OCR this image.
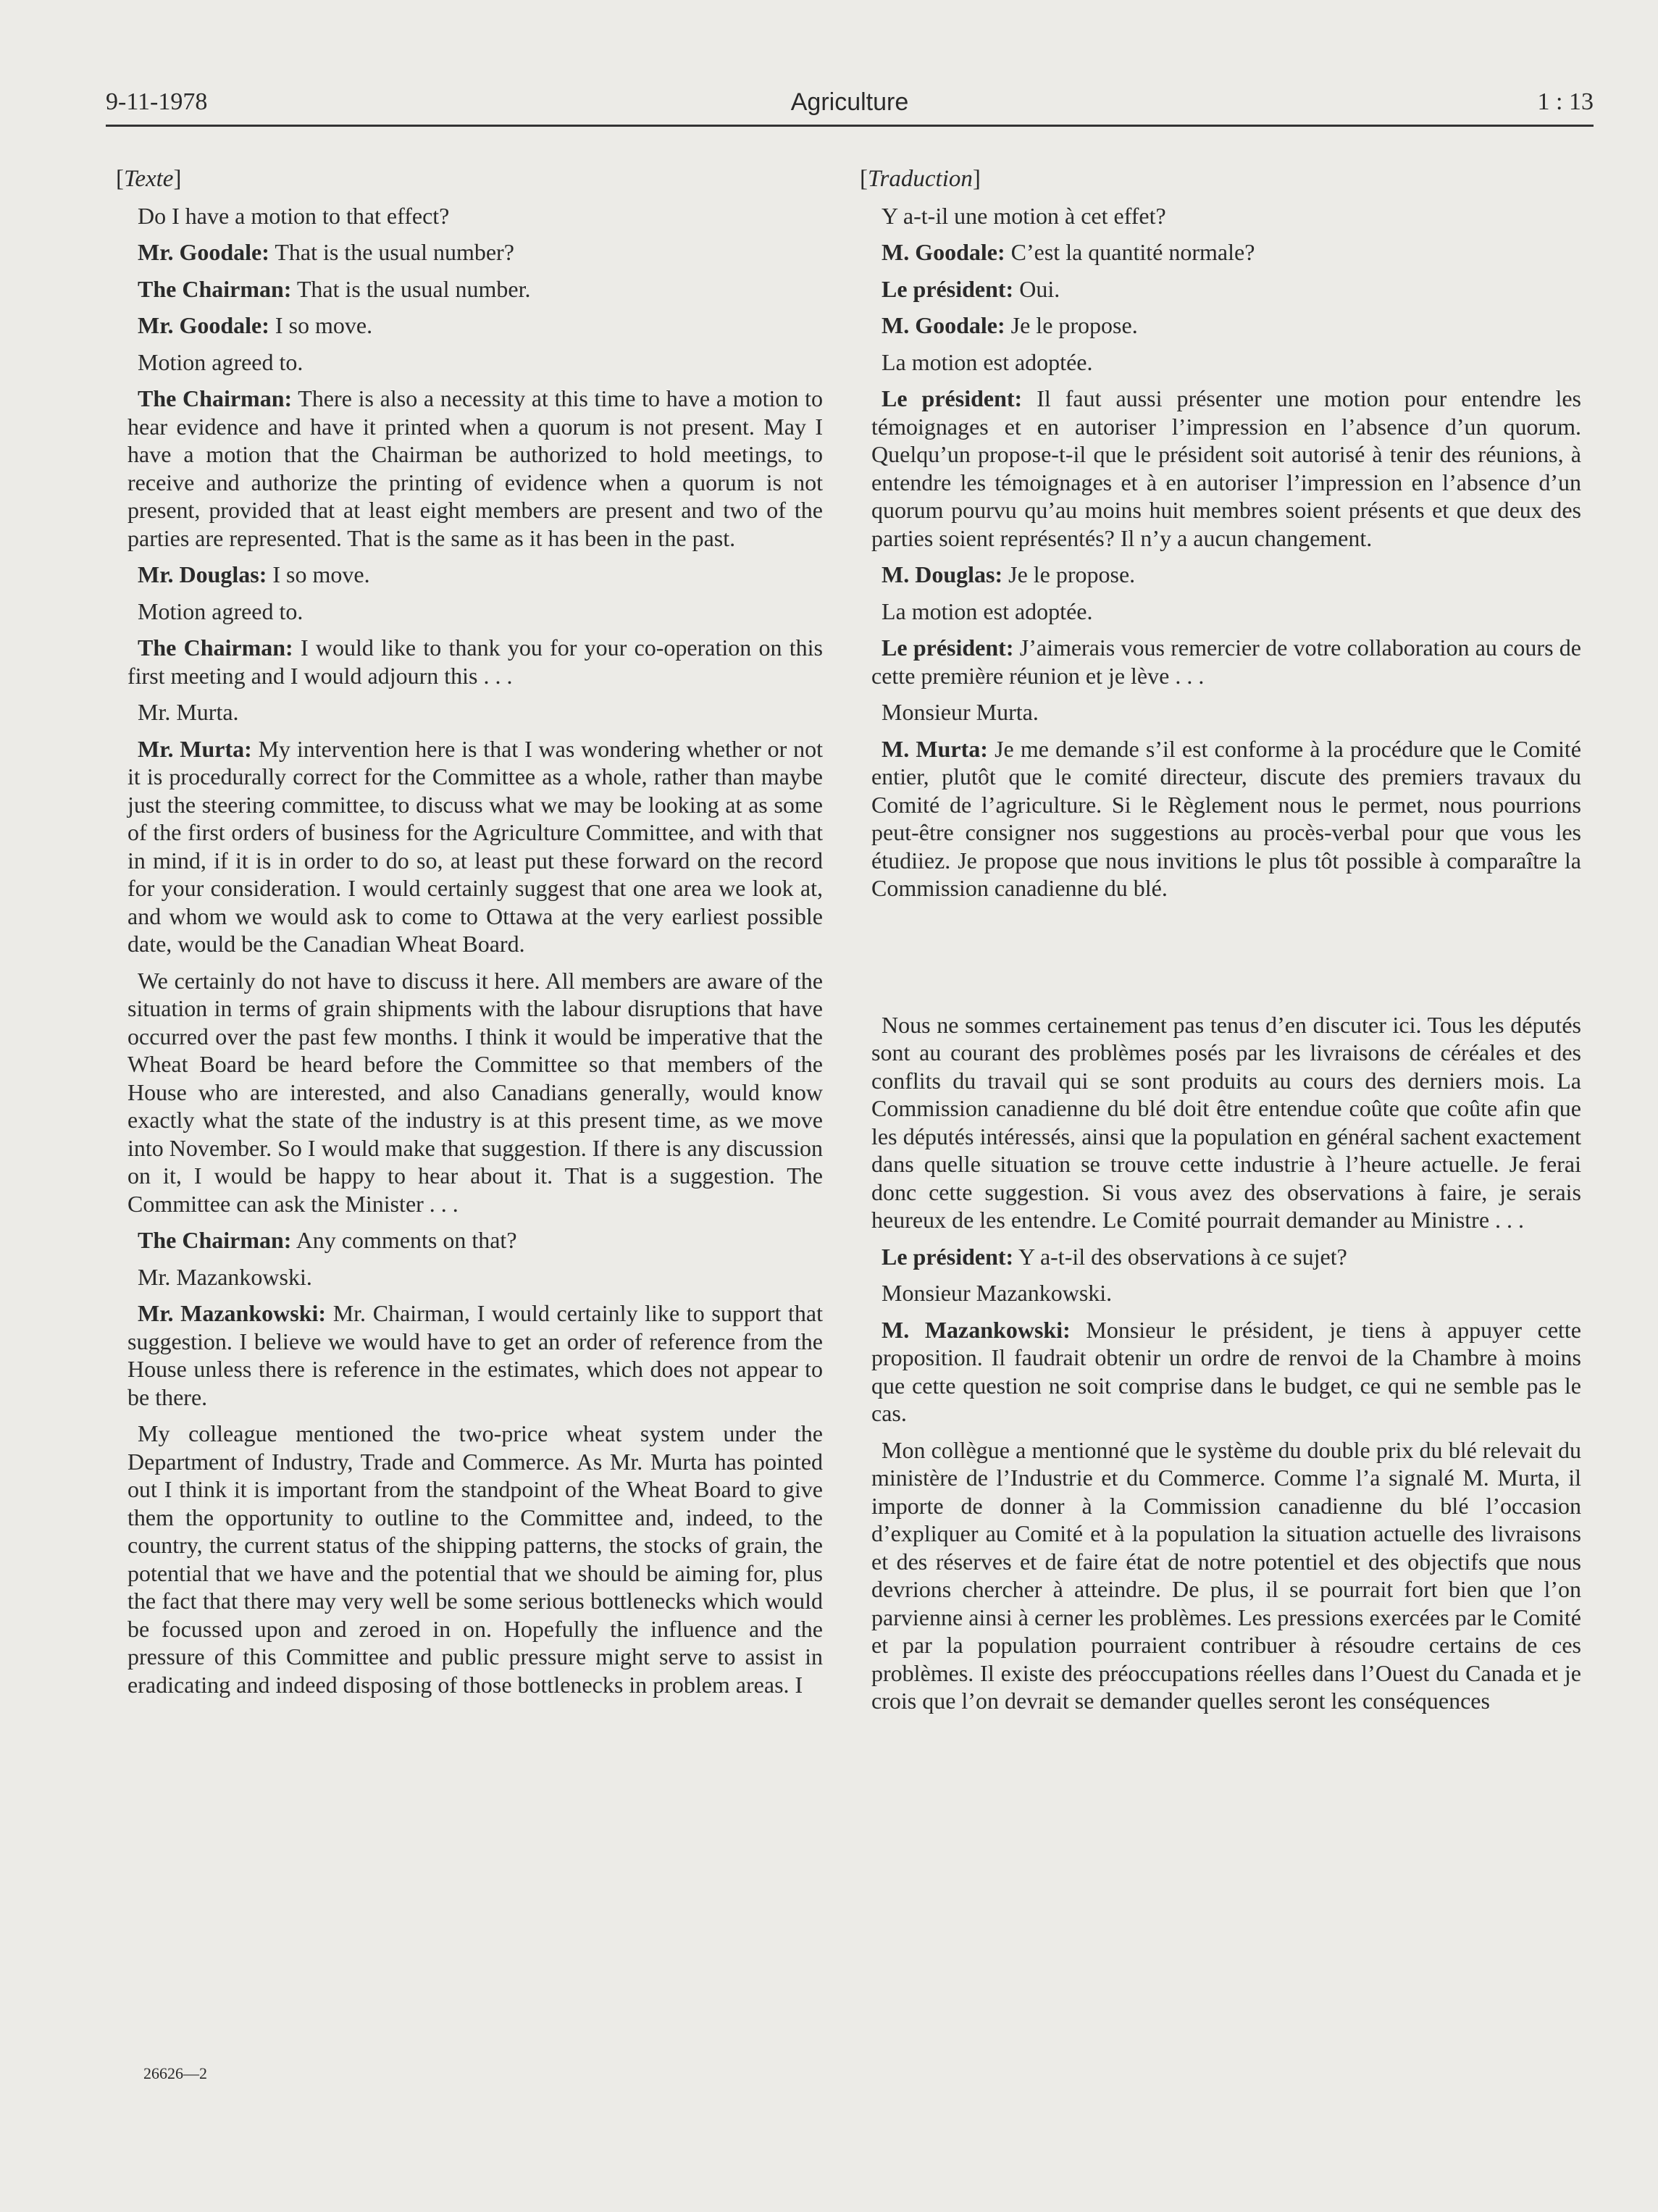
9-11-1978	Agriculture	1 : 13
[Texte]
Do I have a motion to that effect?
Mr. Goodale: That is the usual number?
The Chairman: That is the usual number.
Mr. Goodale: I so move.
Motion agreed to.
The Chairman: There is also a necessity at this time to have a motion to hear evidence and have it printed when a quorum is not present. May I have a motion that the Chairman be authorized to hold meetings, to receive and authorize the printing of evidence when a quorum is not present, provided that at least eight members are present and two of the parties are represented. That is the same as it has been in the past.
Mr. Douglas: I so move.
Motion agreed to.
The Chairman: I would like to thank you for your co-operation on this first meeting and I would adjourn this . . .
Mr. Murta.
Mr. Murta: My intervention here is that I was wondering whether or not it is procedurally correct for the Committee as a whole, rather than maybe just the steering committee, to discuss what we may be looking at as some of the first orders of business for the Agriculture Committee, and with that in mind, if it is in order to do so, at least put these forward on the record for your consideration. I would certainly suggest that one area we look at, and whom we would ask to come to Ottawa at the very earliest possible date, would be the Canadian Wheat Board.
We certainly do not have to discuss it here. All members are aware of the situation in terms of grain shipments with the labour disruptions that have occurred over the past few months. I think it would be imperative that the Wheat Board be heard before the Committee so that members of the House who are interested, and also Canadians generally, would know exactly what the state of the industry is at this present time, as we move into November. So I would make that suggestion. If there is any discussion on it, I would be happy to hear about it. That is a suggestion. The Committee can ask the Minister . . .
The Chairman: Any comments on that?
Mr. Mazankowski.
Mr. Mazankowski: Mr. Chairman, I would certainly like to support that suggestion. I believe we would have to get an order of reference from the House unless there is reference in the estimates, which does not appear to be there.
My colleague mentioned the two-price wheat system under the Department of Industry, Trade and Commerce. As Mr. Murta has pointed out I think it is important from the standpoint of the Wheat Board to give them the opportunity to outline to the Committee and, indeed, to the country, the current status of the shipping patterns, the stocks of grain, the potential that we have and the potential that we should be aiming for, plus the fact that there may very well be some serious bottlenecks which would be focussed upon and zeroed in on. Hopefully the influence and the pressure of this Committee and public pressure might serve to assist in eradicating and indeed disposing of those bottlenecks in problem areas. I
[Traduction]
Y a-t-il une motion à cet effet?
M. Goodale: C’est la quantité normale?
Le président: Oui.
M. Goodale: Je le propose.
La motion est adoptée.
Le président: Il faut aussi présenter une motion pour entendre les témoignages et en autoriser l’impression en l’absence d’un quorum. Quelqu’un propose-t-il que le président soit autorisé à tenir des réunions, à entendre les témoignages et à en autoriser l’impression en l’absence d’un quorum pourvu qu’au moins huit membres soient présents et que deux des parties soient représentés? Il n’y a aucun changement.
M. Douglas: Je le propose.
La motion est adoptée.
Le président: J’aimerais vous remercier de votre collaboration au cours de cette première réunion et je lève . . .
Monsieur Murta.
M. Murta: Je me demande s’il est conforme à la procédure que le Comité entier, plutôt que le comité directeur, discute des premiers travaux du Comité de l’agriculture. Si le Règlement nous le permet, nous pourrions peut-être consigner nos suggestions au procès-verbal pour que vous les étudiiez. Je propose que nous invitions le plus tôt possible à comparaître la Commission canadienne du blé.
Nous ne sommes certainement pas tenus d’en discuter ici. Tous les députés sont au courant des problèmes posés par les livraisons de céréales et des conflits du travail qui se sont produits au cours des derniers mois. La Commission canadienne du blé doit être entendue coûte que coûte afin que les députés intéressés, ainsi que la population en général sachent exactement dans quelle situation se trouve cette industrie à l’heure actuelle. Je ferai donc cette suggestion. Si vous avez des observations à faire, je serais heureux de les entendre. Le Comité pourrait demander au Ministre . . .
Le président: Y a-t-il des observations à ce sujet?
Monsieur Mazankowski.
M. Mazankowski: Monsieur le président, je tiens à appuyer cette proposition. Il faudrait obtenir un ordre de renvoi de la Chambre à moins que cette question ne soit comprise dans le budget, ce qui ne semble pas le cas.
Mon collègue a mentionné que le système du double prix du blé relevait du ministère de l’Industrie et du Commerce. Comme l’a signalé M. Murta, il importe de donner à la Commission canadienne du blé l’occasion d’expliquer au Comité et à la population la situation actuelle des livraisons et des réserves et de faire état de notre potentiel et des objectifs que nous devrions chercher à atteindre. De plus, il se pourrait fort bien que l’on parvienne ainsi à cerner les problèmes. Les pressions exercées par le Comité et par la population pourraient contribuer à résoudre certains de ces problèmes. Il existe des préoccupations réelles dans l’Ouest du Canada et je crois que l’on devrait se demander quelles seront les conséquences
26626—2
